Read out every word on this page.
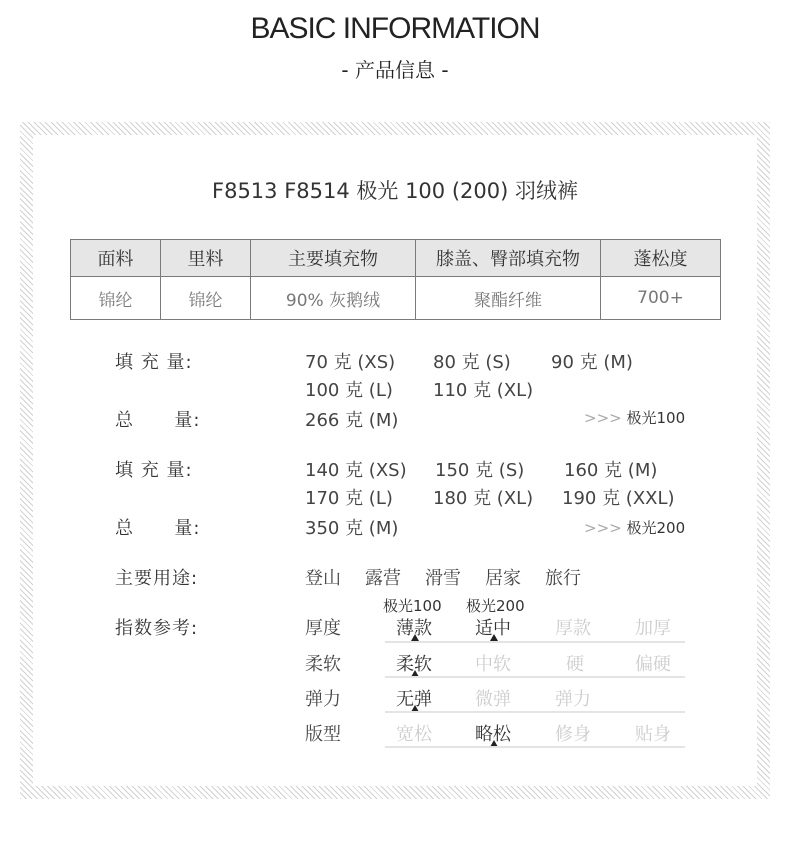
BASIC INFORMATION
- 产品信息 -
F8513 F8514 极光 100 (200) 羽绒裤
面料	里料	主要填充物	膝盖、臀部填充物	蓬松度
锦纶	锦纶	90% 灰鹅绒	聚酯纤维	700+
填 充 量:	70 克 (XS) 80 克 (S) 90 克 (M)
100 克 (L) 110 克 (XL)
总      量:	266 克 (M)	>>> 极光100
填 充 量:	140 克 (XS) 150 克 (S) 160 克 (M)
170 克 (L) 180 克 (XL) 190 克 (XXL)
总      量:	350 克 (M)	>>> 极光200
主要用途:	登山 露营 滑雪 居家 旅行
指数参考:
极光100 极光200
厚度	薄款 适中 厚款 加厚
柔软	柔软 中软	硬	偏硬
弹力	无弹 微弹 弹力
版型	宽松 略松 修身 贴身
